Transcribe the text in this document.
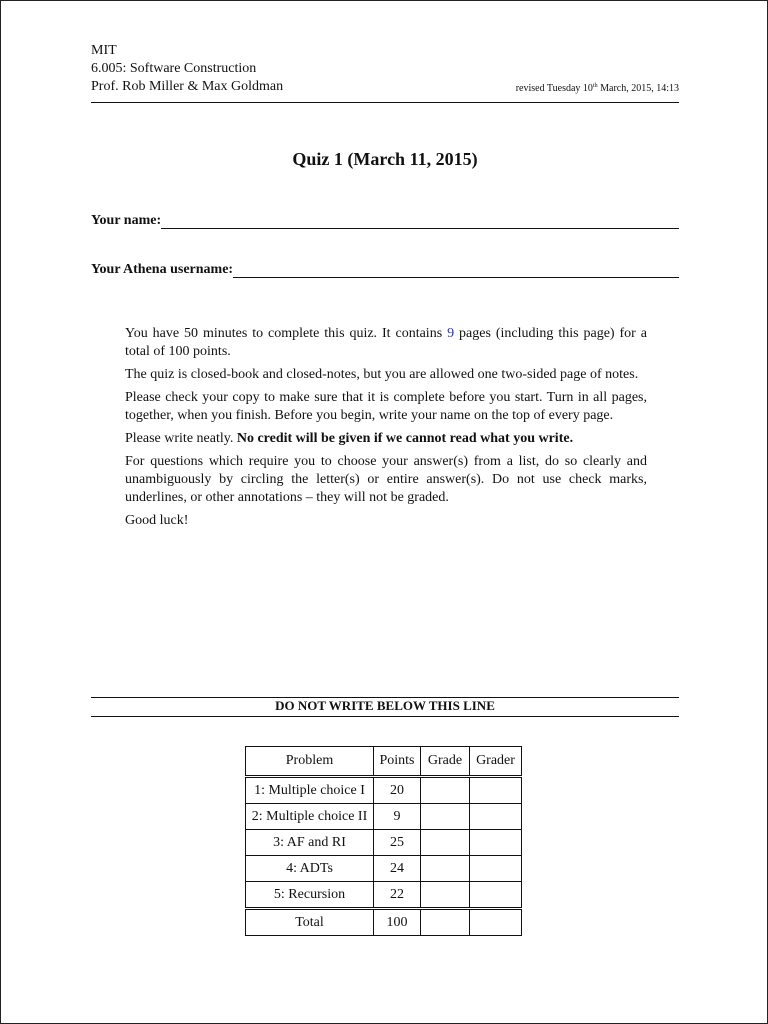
MIT
6.005: Software Construction
Prof. Rob Miller & Max Goldman	revised Tuesday 10th March, 2015, 14:13
Quiz 1 (March 11, 2015)
Your name:
Your Athena username:

You have 50 minutes to complete this quiz. It contains 9 pages (including this page) for a total of 100 points.

The quiz is closed-book and closed-notes, but you are allowed one two-sided page of notes.

Please check your copy to make sure that it is complete before you start. Turn in all pages, together, when you finish. Before you begin, write your name on the top of every page.

Please write neatly. No credit will be given if we cannot read what you write.

For questions which require you to choose your answer(s) from a list, do so clearly and unambiguously by circling the letter(s) or entire answer(s). Do not use check marks, underlines, or other annotations – they will not be graded.

Good luck!

DO NOT WRITE BELOW THIS LINE
Problem	Points	Grade	Grader
1: Multiple choice I	20		
2: Multiple choice II	9		
3: AF and RI	25		
4: ADTs	24		
5: Recursion	22		
Total	100		
